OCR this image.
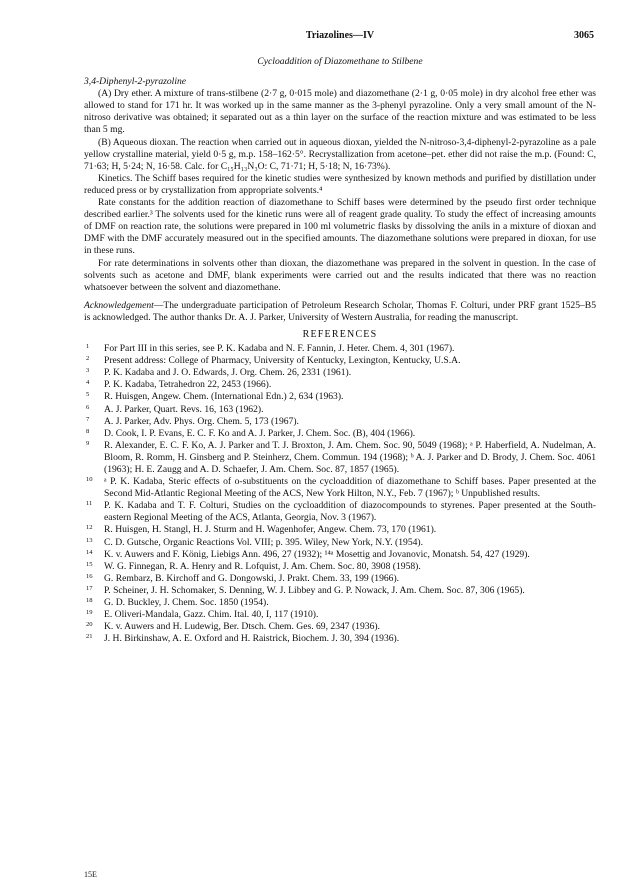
Triazolines—IV	3065

Cycloaddition of Diazomethane to Stilbene

3,4-Diphenyl-2-pyrazoline

(A) Dry ether. A mixture of trans-stilbene (2·7 g, 0·015 mole) and diazomethane (2·1 g, 0·05 mole) in dry alcohol free ether was allowed to stand for 171 hr. It was worked up in the same manner as the 3-phenyl pyrazoline. Only a very small amount of the N-nitroso derivative was obtained; it separated out as a thin layer on the surface of the reaction mixture and was estimated to be less than 5 mg.

(B) Aqueous dioxan. The reaction when carried out in aqueous dioxan, yielded the N-nitroso-3,4-diphenyl-2-pyrazoline as a pale yellow crystalline material, yield 0·5 g, m.p. 158–162·5°. Recrystallization from acetone–pet. ether did not raise the m.p. (Found: C, 71·63; H, 5·24; N, 16·58. Calc. for C₁₅H₁₃N₃O: C, 71·71; H, 5·18; N, 16·73%).

Kinetics. The Schiff bases required for the kinetic studies were synthesized by known methods and purified by distillation under reduced press or by crystallization from appropriate solvents.⁴

Rate constants for the addition reaction of diazomethane to Schiff bases were determined by the pseudo first order technique described earlier.³ The solvents used for the kinetic runs were all of reagent grade quality. To study the effect of increasing amounts of DMF on reaction rate, the solutions were prepared in 100 ml volumetric flasks by dissolving the anils in a mixture of dioxan and DMF with the DMF accurately measured out in the specified amounts. The diazomethane solutions were prepared in dioxan, for use in these runs.

For rate determinations in solvents other than dioxan, the diazomethane was prepared in the solvent in question. In the case of solvents such as acetone and DMF, blank experiments were carried out and the results indicated that there was no reaction whatsoever between the solvent and diazomethane.

Acknowledgement—The undergraduate participation of Petroleum Research Scholar, Thomas F. Colturi, under PRF grant 1525–B5 is acknowledged. The author thanks Dr. A. J. Parker, University of Western Australia, for reading the manuscript.

REFERENCES

1 For Part III in this series, see P. K. Kadaba and N. F. Fannin, J. Heter. Chem. 4, 301 (1967).
2 Present address: College of Pharmacy, University of Kentucky, Lexington, Kentucky, U.S.A.
3 P. K. Kadaba and J. O. Edwards, J. Org. Chem. 26, 2331 (1961).
4 P. K. Kadaba, Tetrahedron 22, 2453 (1966).
5 R. Huisgen, Angew. Chem. (International Edn.) 2, 634 (1963).
6 A. J. Parker, Quart. Revs. 16, 163 (1962).
7 A. J. Parker, Adv. Phys. Org. Chem. 5, 173 (1967).
8 D. Cook, I. P. Evans, E. C. F. Ko and A. J. Parker, J. Chem. Soc. (B), 404 (1966).
9 R. Alexander, E. C. F. Ko, A. J. Parker and T. J. Broxton, J. Am. Chem. Soc. 90, 5049 (1968); ᵃ P. Haberfield, A. Nudelman, A. Bloom, R. Romm, H. Ginsberg and P. Steinherz, Chem. Commun. 194 (1968); ᵇ A. J. Parker and D. Brody, J. Chem. Soc. 4061 (1963); H. E. Zaugg and A. D. Schaefer, J. Am. Chem. Soc. 87, 1857 (1965).
10 ᵃ P. K. Kadaba, Steric effects of o-substituents on the cycloaddition of diazomethane to Schiff bases. Paper presented at the Second Mid-Atlantic Regional Meeting of the ACS, New York Hilton, N.Y., Feb. 7 (1967); ᵇ Unpublished results.
11 P. K. Kadaba and T. F. Colturi, Studies on the cycloaddition of diazocompounds to styrenes. Paper presented at the South-eastern Regional Meeting of the ACS, Atlanta, Georgia, Nov. 3 (1967).
12 R. Huisgen, H. Stangl, H. J. Sturm and H. Wagenhofer, Angew. Chem. 73, 170 (1961).
13 C. D. Gutsche, Organic Reactions Vol. VIII; p. 395. Wiley, New York, N.Y. (1954).
14 K. v. Auwers and F. König, Liebigs Ann. 496, 27 (1932); ¹⁴ᵃ Mosettig and Jovanovic, Monatsh. 54, 427 (1929).
15 W. G. Finnegan, R. A. Henry and R. Lofquist, J. Am. Chem. Soc. 80, 3908 (1958).
16 G. Rembarz, B. Kirchoff and G. Dongowski, J. Prakt. Chem. 33, 199 (1966).
17 P. Scheiner, J. H. Schomaker, S. Denning, W. J. Libbey and G. P. Nowack, J. Am. Chem. Soc. 87, 306 (1965).
18 G. D. Buckley, J. Chem. Soc. 1850 (1954).
19 E. Oliveri-Mandala, Gazz. Chim. Ital. 40, I, 117 (1910).
20 K. v. Auwers and H. Ludewig, Ber. Dtsch. Chem. Ges. 69, 2347 (1936).
21 J. H. Birkinshaw, A. E. Oxford and H. Raistrick, Biochem. J. 30, 394 (1936).
15E
